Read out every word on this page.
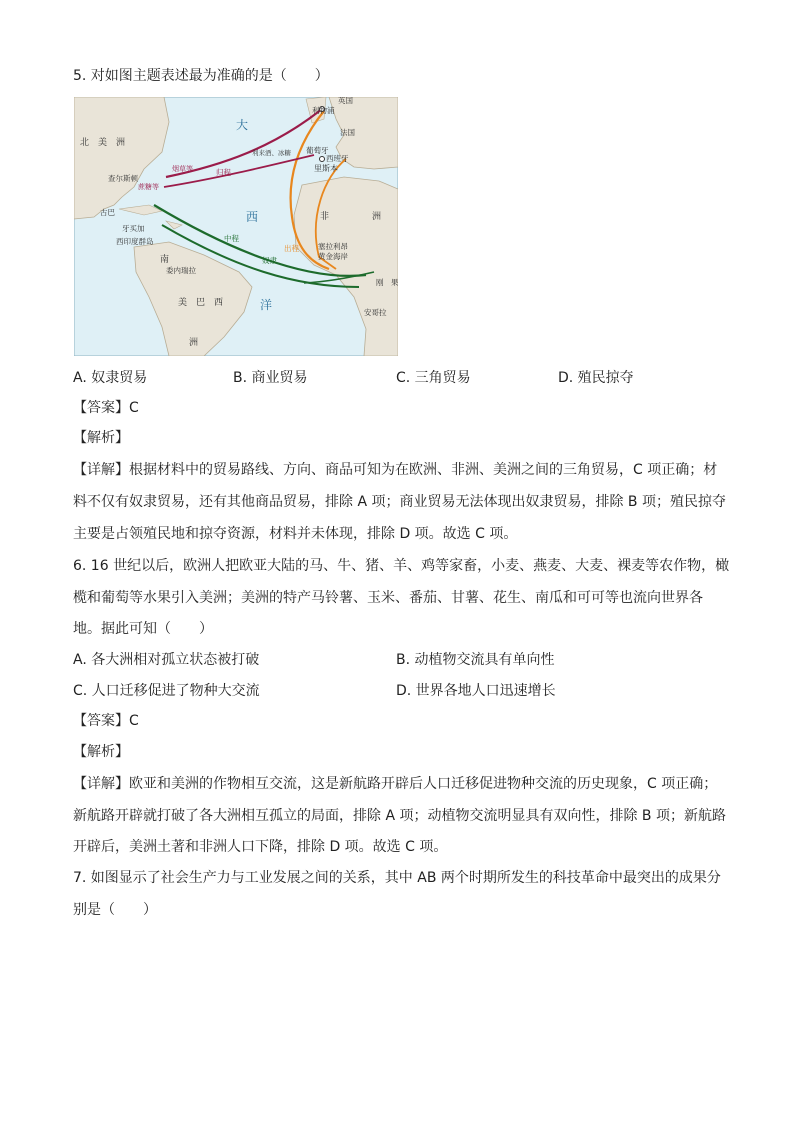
5. 对如图主题表述最为准确的是（　　）
北　美　洲
大
西
洋
南
美　巴　西
洲
非	洲
查尔斯顿
古巴
牙买加
西印度群岛
委内瑞拉
英国
利物浦
法国
葡萄牙
西班牙
里斯本
塞拉利昂
黄金海岸
刚　果
安哥拉
归程
中程
出程
奴隶
烟草等
蔗糖等
利来酒、冰糖
A. 奴隶贸易	B. 商业贸易	C. 三角贸易	D. 殖民掠夺
【答案】C
【解析】
【详解】根据材料中的贸易路线、方向、商品可知为在欧洲、非洲、美洲之间的三角贸易，C 项正确；材
料不仅有奴隶贸易，还有其他商品贸易，排除 A 项；商业贸易无法体现出奴隶贸易，排除 B 项；殖民掠夺
主要是占领殖民地和掠夺资源，材料并未体现，排除 D 项。故选 C 项。
6. 16 世纪以后，欧洲人把欧亚大陆的马、牛、猪、羊、鸡等家畜，小麦、燕麦、大麦、裸麦等农作物，橄
榄和葡萄等水果引入美洲；美洲的特产马铃薯、玉米、番茄、甘薯、花生、南瓜和可可等也流向世界各
地。据此可知（　　）
A. 各大洲相对孤立状态被打破	B. 动植物交流具有单向性
C. 人口迁移促进了物种大交流	D. 世界各地人口迅速增长
【答案】C
【解析】
【详解】欧亚和美洲的作物相互交流，这是新航路开辟后人口迁移促进物种交流的历史现象，C 项正确；
新航路开辟就打破了各大洲相互孤立的局面，排除 A 项；动植物交流明显具有双向性，排除 B 项；新航路
开辟后，美洲土著和非洲人口下降，排除 D 项。故选 C 项。
7. 如图显示了社会生产力与工业发展之间的关系，其中 AB 两个时期所发生的科技革命中最突出的成果分
别是（　　）
